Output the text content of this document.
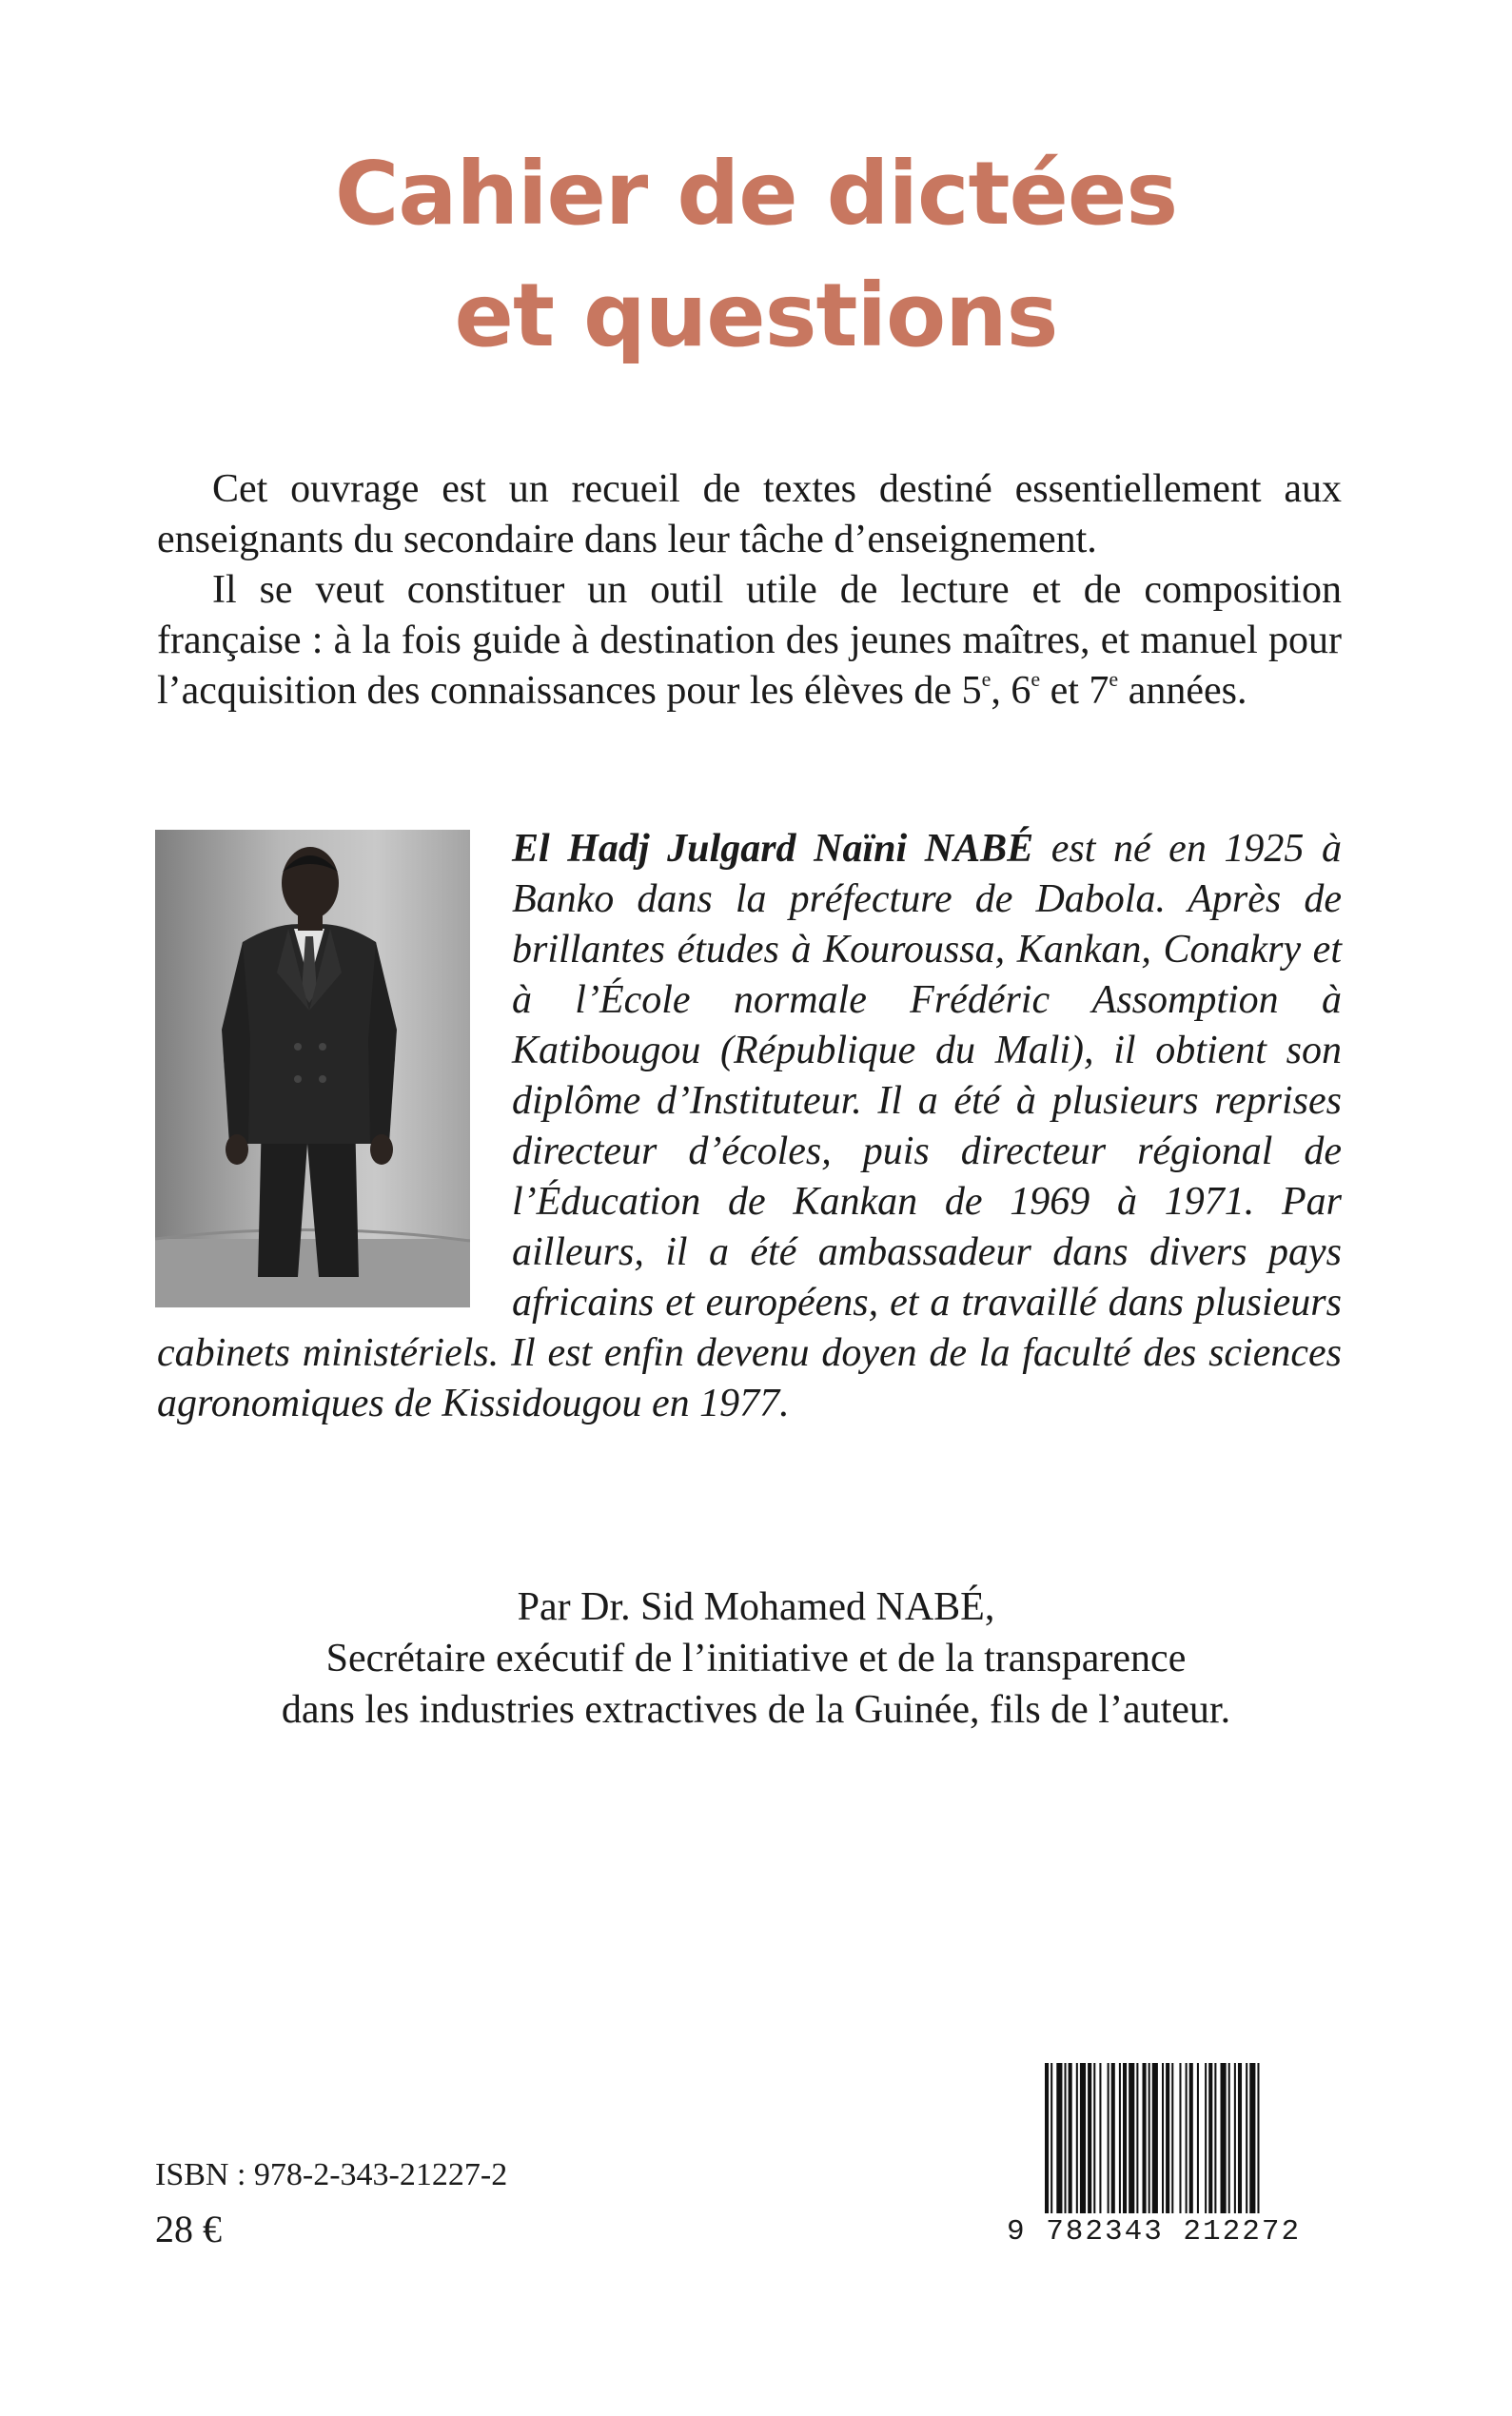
Cahier de dictées
et questions

Cet ouvrage est un recueil de textes destiné essentiellement aux enseignants du secondaire dans leur tâche d’enseignement.

Il se veut constituer un outil utile de lecture et de composition française : à la fois guide à destination des jeunes maîtres, et manuel pour l’acquisition des connaissances pour les élèves de 5e, 6e et 7e années.

El Hadj Julgard Naïni NABÉ est né en 1925 à Banko dans la préfecture de Dabola. Après de brillantes études à Kouroussa, Kankan, Conakry et à l’École normale Frédéric Assomption à Katibougou (République du Mali), il obtient son diplôme d’Instituteur. Il a été à plusieurs reprises directeur d’écoles, puis directeur régional de l’Éducation de Kankan de 1969 à 1971. Par ailleurs, il a été ambassadeur dans divers pays africains et européens, et a travaillé dans plusieurs cabinets ministériels. Il est enfin devenu doyen de la faculté des sciences agronomiques de Kissidougou en 1977.
Par Dr. Sid Mohamed NABÉ,
Secrétaire exécutif de l’initiative et de la transparence
dans les industries extractives de la Guinée, fils de l’auteur.
ISBN : 978-2-343-21227-2
28 €	9 782343 212272
